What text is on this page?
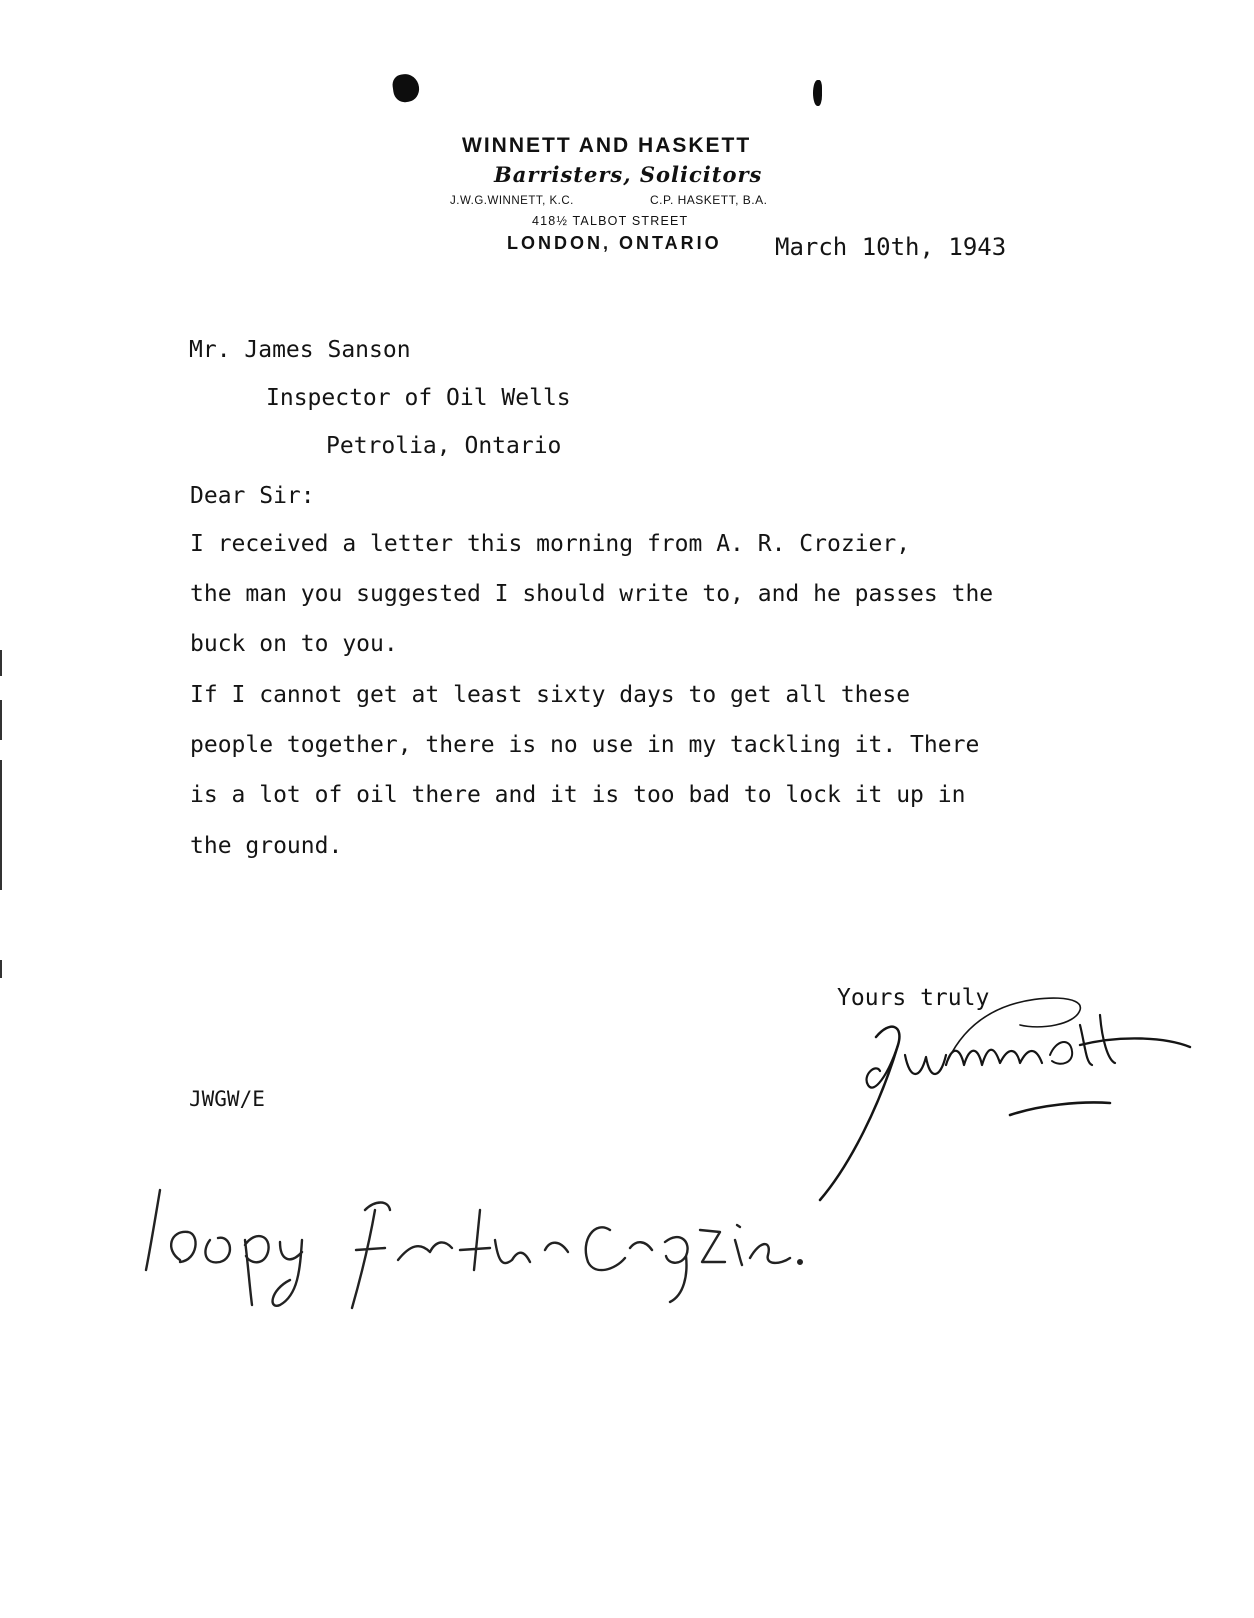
WINNETT AND HASKETT
Barristers, Solicitors
J.W.G.WINNETT, K.C.	C.P. HASKETT, B.A.
418½ TALBOT STREET
LONDON, ONTARIO March 10th, 1943
Mr. James Sanson
Inspector of Oil Wells
Petrolia, Ontario
Dear Sir:
I received a letter this morning from A. R. Crozier,
the man you suggested I should write to, and he passes the
buck on to you.
If I cannot get at least sixty days to get all these
people together, there is no use in my tackling it. There
is a lot of oil there and it is too bad to lock it up in
the ground.
Yours truly
JWGW/E
